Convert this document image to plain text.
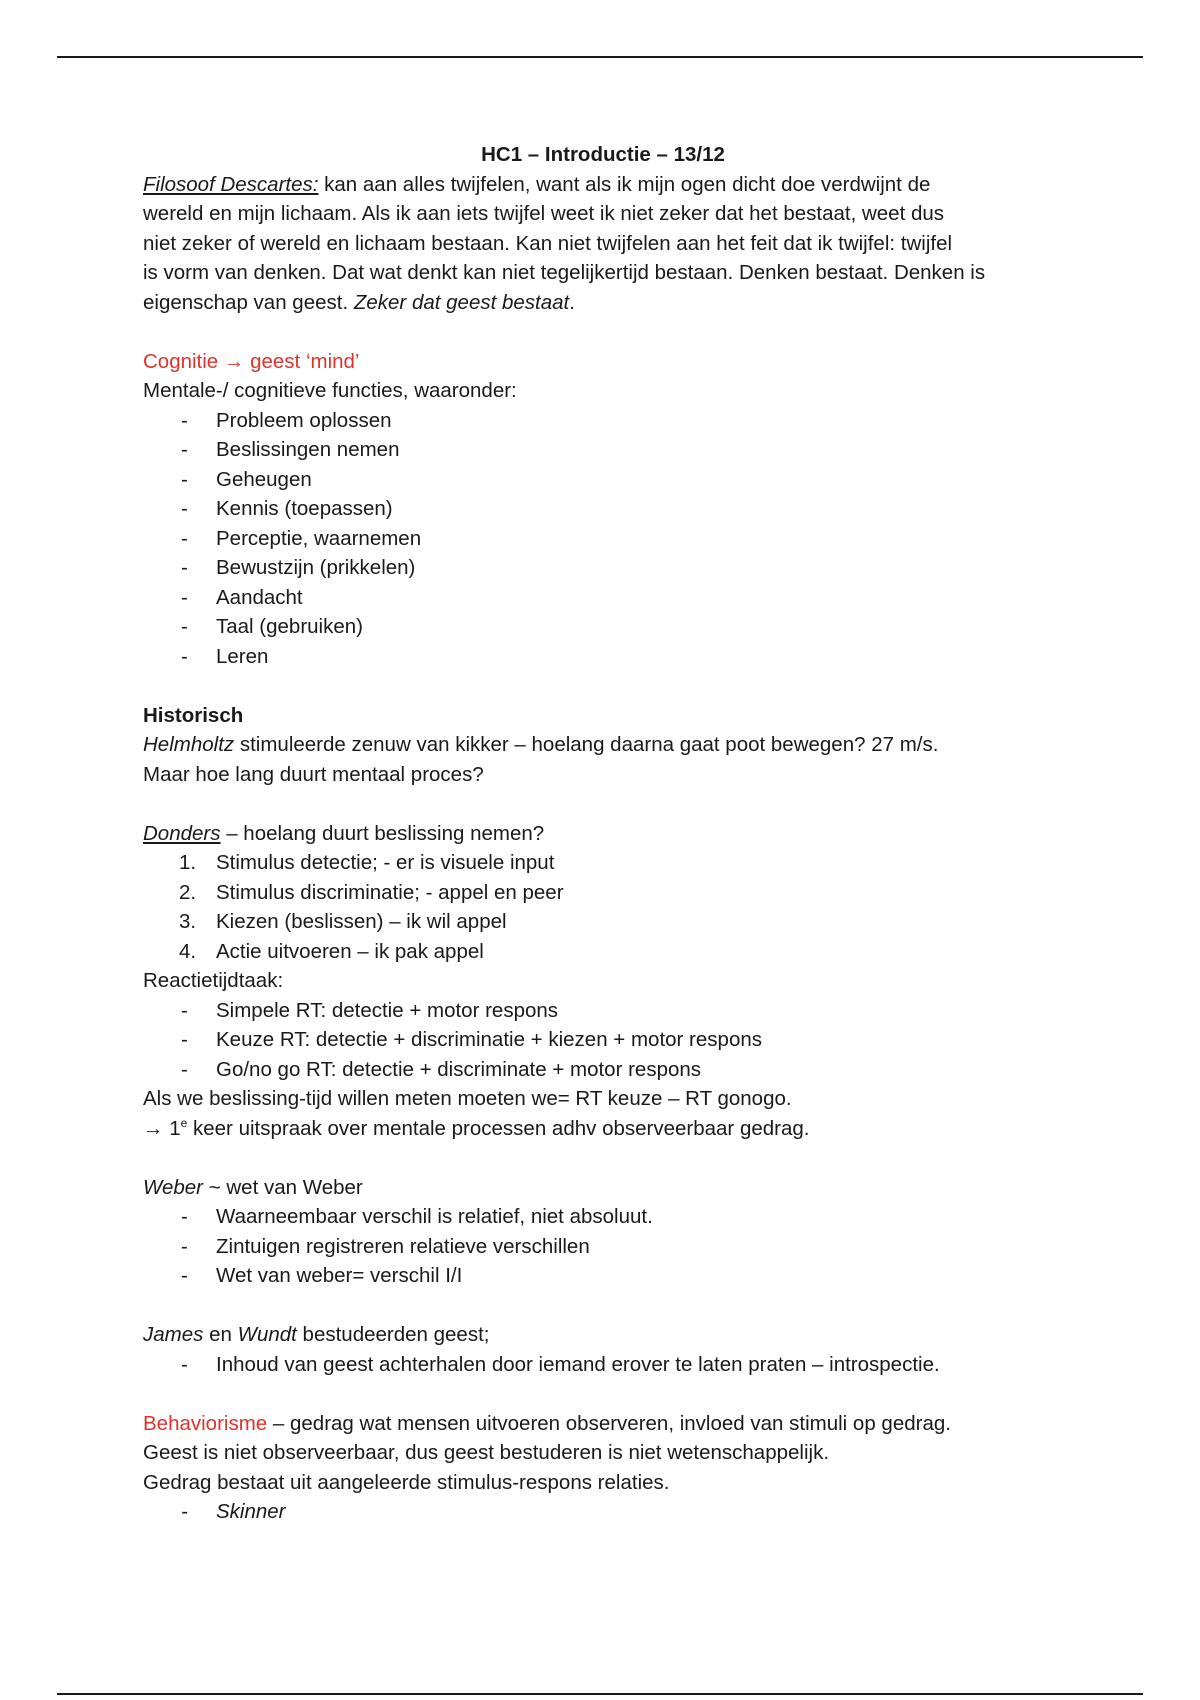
HC1 – Introductie – 13/12
Filosoof Descartes: kan aan alles twijfelen, want als ik mijn ogen dicht doe verdwijnt de
wereld en mijn lichaam. Als ik aan iets twijfel weet ik niet zeker dat het bestaat, weet dus
niet zeker of wereld en lichaam bestaan. Kan niet twijfelen aan het feit dat ik twijfel: twijfel
is vorm van denken. Dat wat denkt kan niet tegelijkertijd bestaan. Denken bestaat. Denken is
eigenschap van geest. Zeker dat geest bestaat.
Cognitie → geest ‘mind’
Mentale-/ cognitieve functies, waaronder:
- Probleem oplossen
- Beslissingen nemen
- Geheugen
- Kennis (toepassen)
- Perceptie, waarnemen
- Bewustzijn (prikkelen)
- Aandacht
- Taal (gebruiken)
- Leren
Historisch
Helmholtz stimuleerde zenuw van kikker – hoelang daarna gaat poot bewegen? 27 m/s.
Maar hoe lang duurt mentaal proces?
Donders – hoelang duurt beslissing nemen?
1. Stimulus detectie; - er is visuele input
2. Stimulus discriminatie; - appel en peer
3. Kiezen (beslissen) – ik wil appel
4. Actie uitvoeren – ik pak appel
Reactietijdtaak:
- Simpele RT: detectie + motor respons
- Keuze RT: detectie + discriminatie + kiezen + motor respons
- Go/no go RT: detectie + discriminate + motor respons
Als we beslissing-tijd willen meten moeten we= RT keuze – RT gonogo.
→ $1^e$ keer uitspraak over mentale processen adhv observeerbaar gedrag.
Weber ~ wet van Weber
- Waarneembaar verschil is relatief, niet absoluut.
- Zintuigen registreren relatieve verschillen
- Wet van weber= verschil I/I
James en Wundt bestudeerden geest;
- Inhoud van geest achterhalen door iemand erover te laten praten – introspectie.
Behaviorisme – gedrag wat mensen uitvoeren observeren, invloed van stimuli op gedrag.
Geest is niet observeerbaar, dus geest bestuderen is niet wetenschappelijk.
Gedrag bestaat uit aangeleerde stimulus-respons relaties.
- Skinner
